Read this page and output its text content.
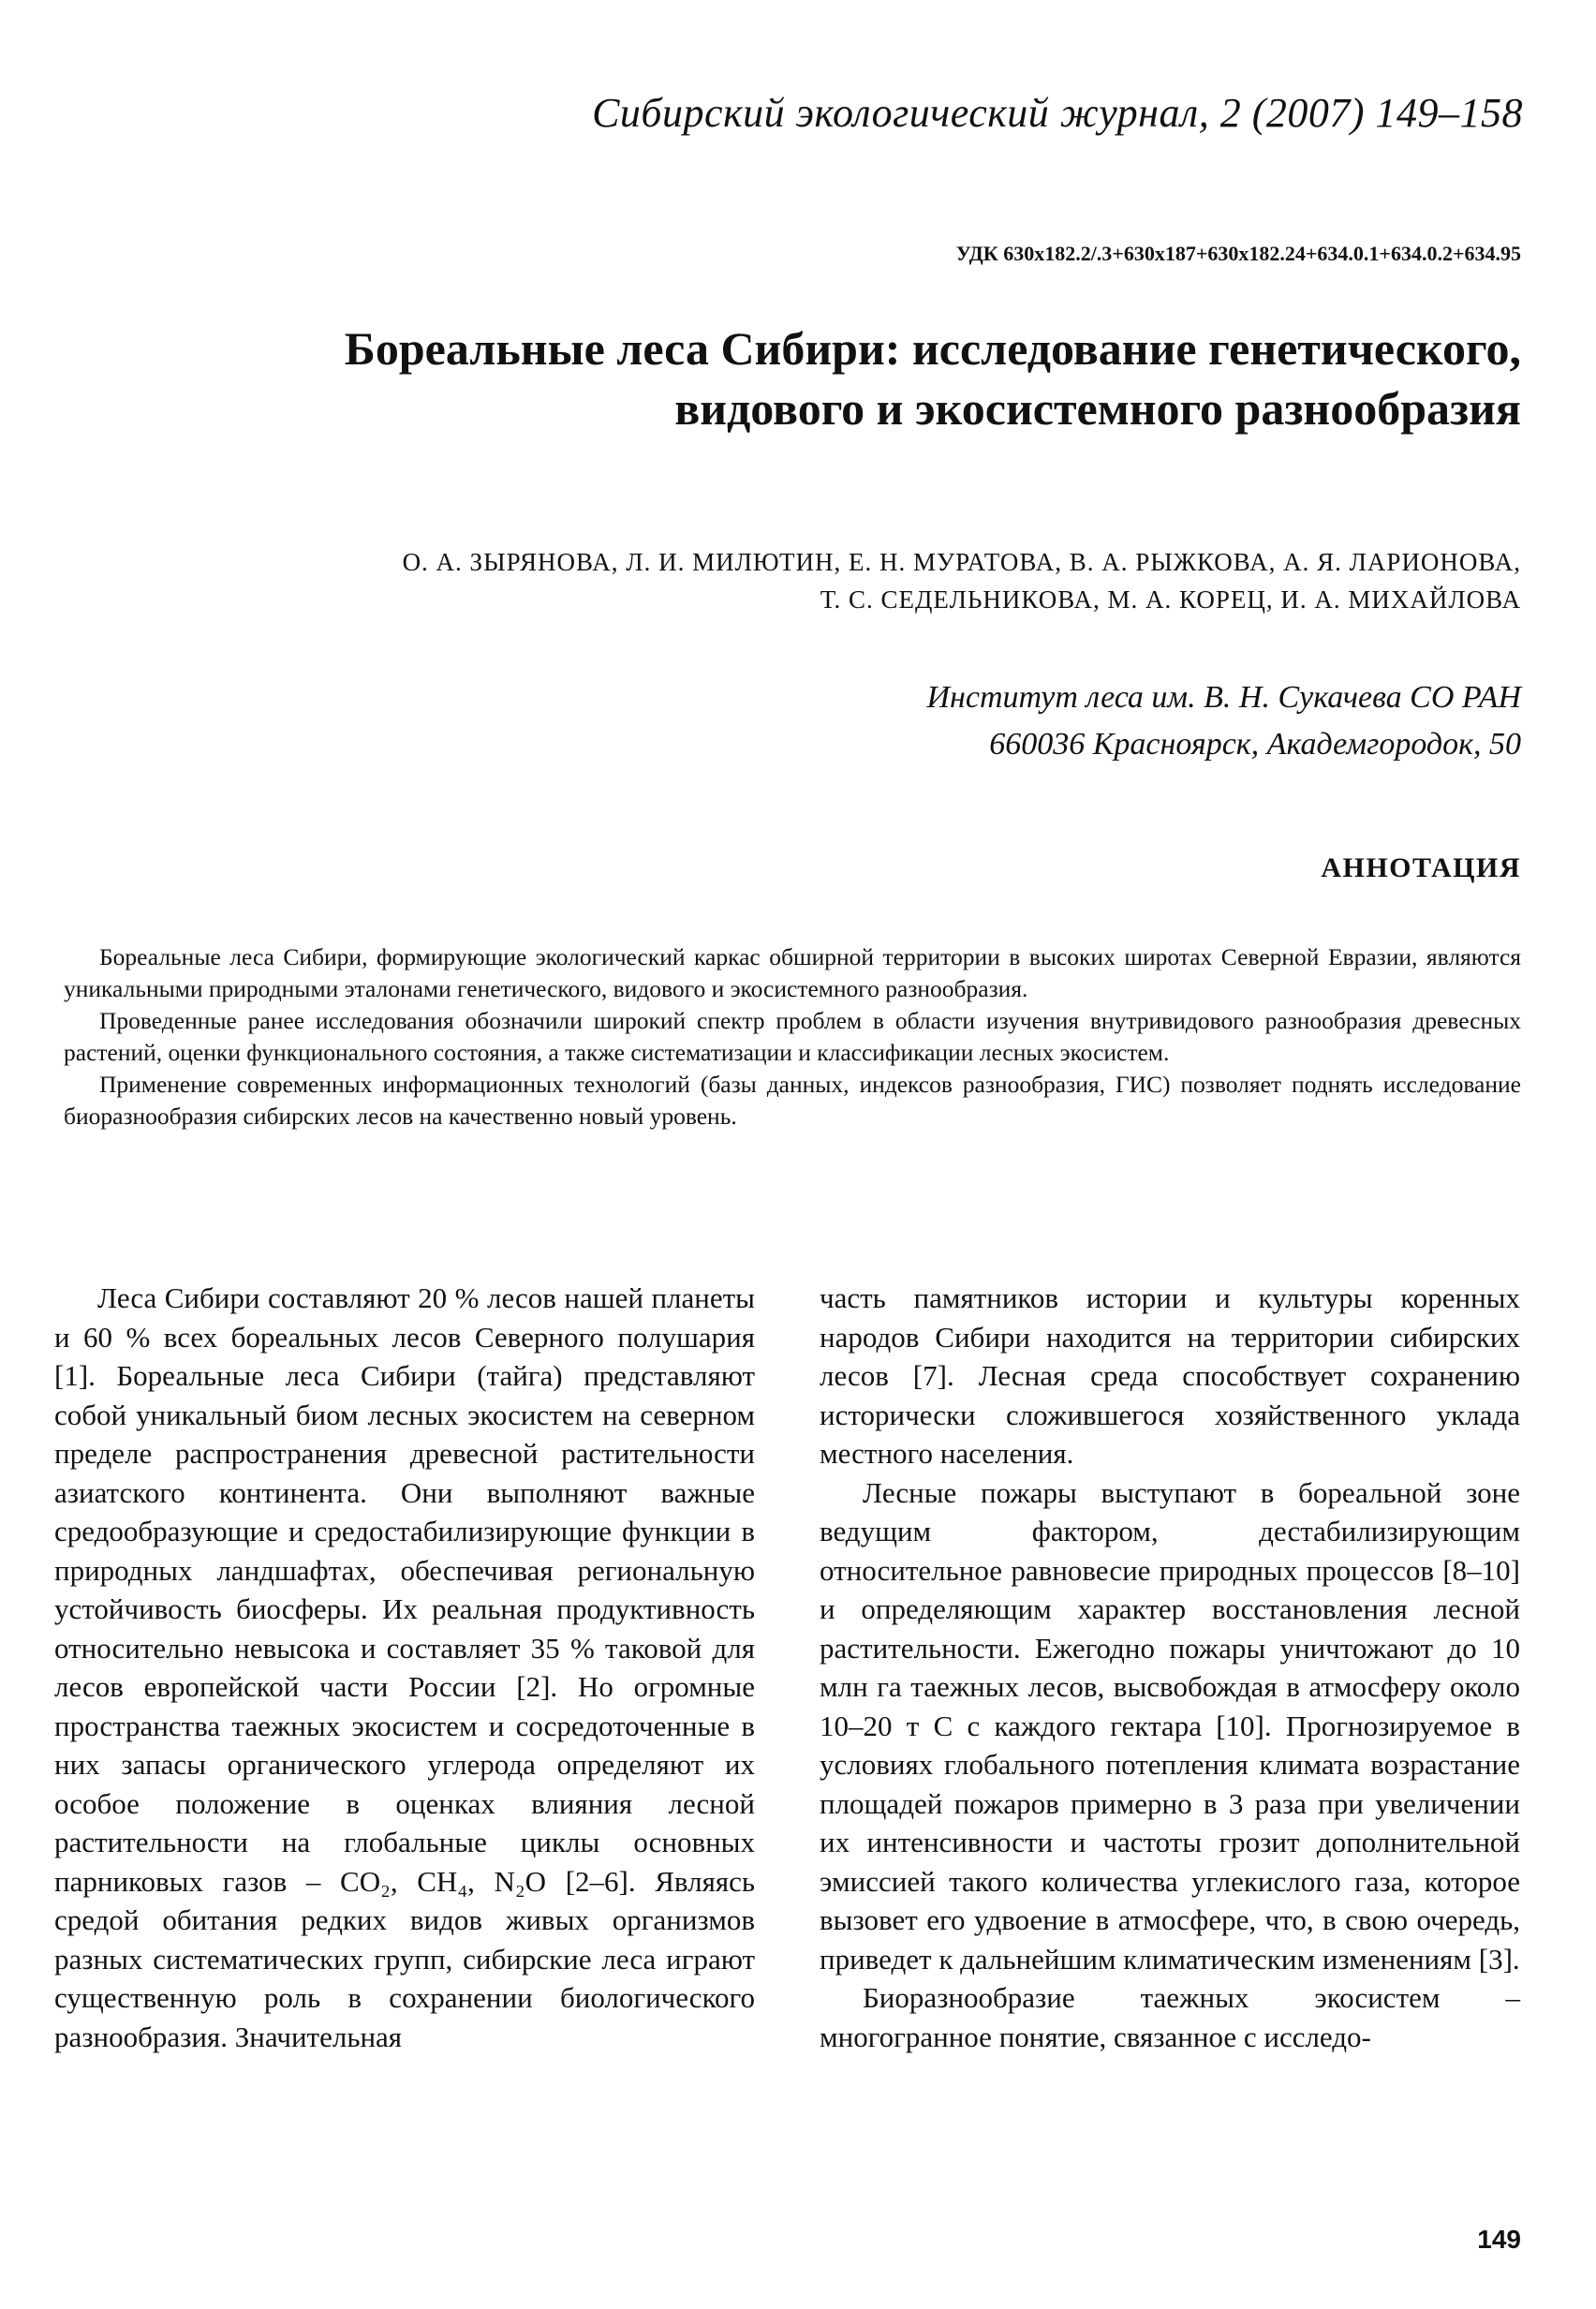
Сибирский экологический журнал, 2 (2007) 149–158
УДК 630х182.2/.3+630х187+630х182.24+634.0.1+634.0.2+634.95
Бореальные леса Сибири: исследование генетического,
видового и экосистемного разнообразия
О. А. ЗЫРЯНОВА, Л. И. МИЛЮТИН, Е. Н. МУРАТОВА, В. А. РЫЖКОВА, А. Я. ЛАРИОНОВА,
Т. С. СЕДЕЛЬНИКОВА, М. А. КОРЕЦ, И. А. МИХАЙЛОВА
Институт леса им. В. Н. Сукачева СО РАН
660036 Красноярск, Академгородок, 50
АННОТАЦИЯ

Бореальные леса Сибири, формирующие экологический каркас обширной территории в высоких широтах Северной Евразии, являются уникальными природными эталонами генетического, видового и экосистемного разнообразия.

Проведенные ранее исследования обозначили широкий спектр проблем в области изучения внутривидового разнообразия древесных растений, оценки функционального состояния, а также систематизации и классификации лесных экосистем.

Применение современных информационных технологий (базы данных, индексов разнообразия, ГИС) позволяет поднять исследование биоразнообразия сибирских лесов на качественно новый уровень.

Леса Сибири составляют 20 % лесов нашей планеты и 60 % всех бореальных лесов Северного полушария [1]. Бореальные леса Сибири (тайга) представляют собой уникальный биом лесных экосистем на северном пределе распространения древесной растительности азиатского континента. Они выполняют важные средообразующие и средостабилизирующие функции в природных ландшафтах, обеспечивая региональную устойчивость биосферы. Их реальная продуктивность относительно невысока и составляет 35 % таковой для лесов европейской части России [2]. Но огромные пространства таежных экосистем и сосредоточенные в них запасы органического углерода определяют их особое положение в оценках влияния лесной растительности на глобальные циклы основных парниковых газов – CO₂, CH₄, N₂O [2–6]. Являясь средой обитания редких видов живых организмов разных систематических групп, сибирские леса играют существенную роль в сохранении биологического разнообразия. Значительная

часть памятников истории и культуры коренных народов Сибири находится на территории сибирских лесов [7]. Лесная среда способствует сохранению исторически сложившегося хозяйственного уклада местного населения.

Лесные пожары выступают в бореальной зоне ведущим фактором, дестабилизирующим относительное равновесие природных процессов [8–10] и определяющим характер восстановления лесной растительности. Ежегодно пожары уничтожают до 10 млн га таежных лесов, высвобождая в атмосферу около 10–20 т С с каждого гектара [10]. Прогнозируемое в условиях глобального потепления климата возрастание площадей пожаров примерно в 3 раза при увеличении их интенсивности и частоты грозит дополнительной эмиссией такого количества углекислого газа, которое вызовет его удвоение в атмосфере, что, в свою очередь, приведет к дальнейшим климатическим изменениям [3].

Биоразнообразие таежных экосистем – многогранное понятие, связанное с исследо-

149
